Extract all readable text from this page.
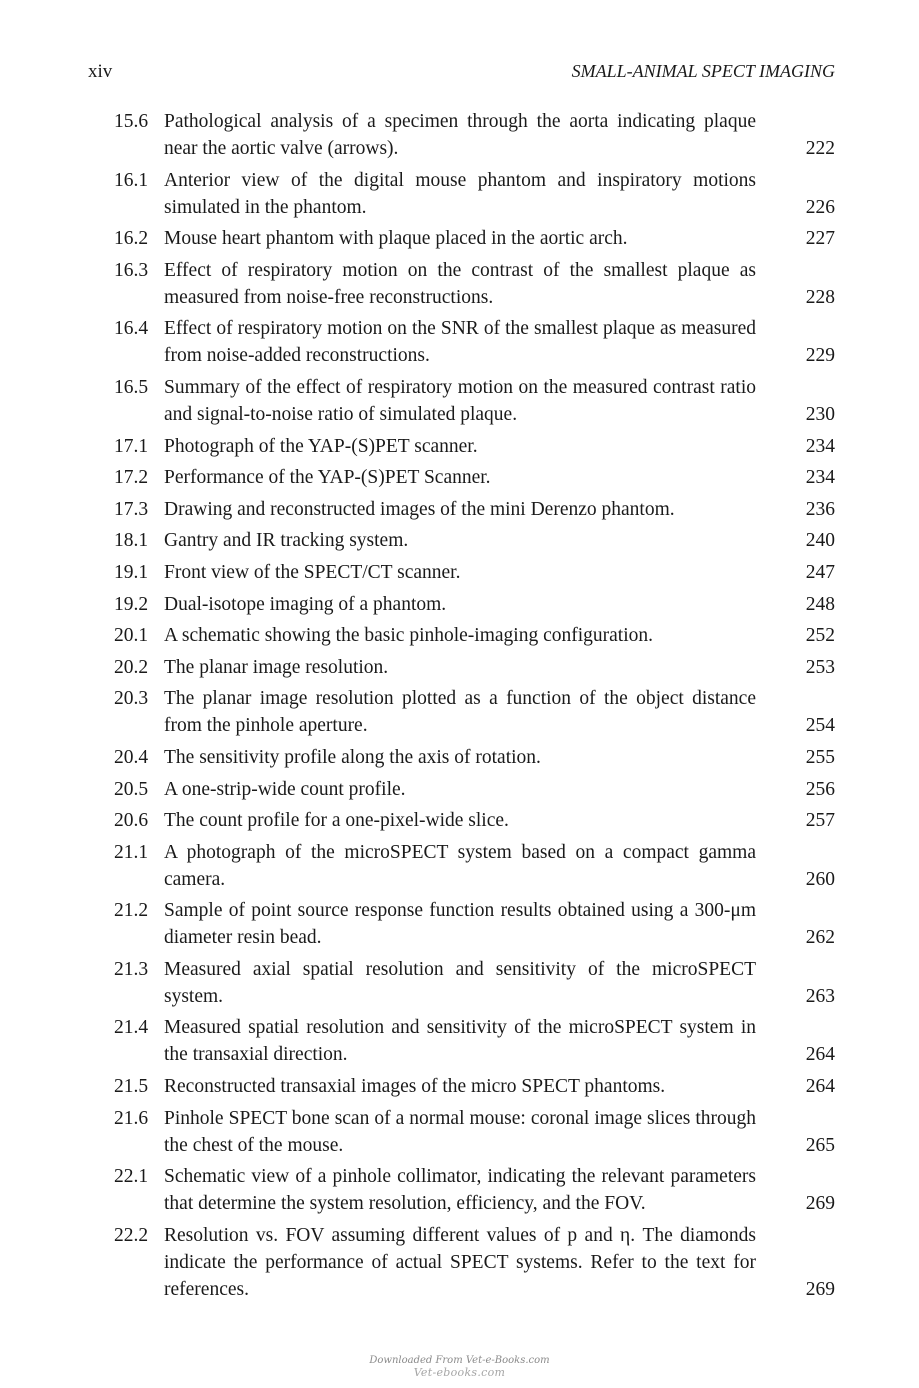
xiv	SMALL-ANIMAL SPECT IMAGING
15.6 Pathological analysis of a specimen through the aorta indicating plaque near the aortic valve (arrows).	222
16.1 Anterior view of the digital mouse phantom and inspiratory motions simulated in the phantom.	226
16.2 Mouse heart phantom with plaque placed in the aortic arch.	227
16.3 Effect of respiratory motion on the contrast of the smallest plaque as measured from noise-free reconstructions.	228
16.4 Effect of respiratory motion on the SNR of the smallest plaque as measured from noise-added reconstructions.	229
16.5 Summary of the effect of respiratory motion on the measured contrast ratio and signal-to-noise ratio of simulated plaque.	230
17.1 Photograph of the YAP-(S)PET scanner.	234
17.2 Performance of the YAP-(S)PET Scanner.	234
17.3 Drawing and reconstructed images of the mini Derenzo phantom.	236
18.1 Gantry and IR tracking system.	240
19.1 Front view of the SPECT/CT scanner.	247
19.2 Dual-isotope imaging of a phantom.	248
20.1 A schematic showing the basic pinhole-imaging configuration.	252
20.2 The planar image resolution.	253
20.3 The planar image resolution plotted as a function of the object distance from the pinhole aperture.	254
20.4 The sensitivity profile along the axis of rotation.	255
20.5 A one-strip-wide count profile.	256
20.6 The count profile for a one-pixel-wide slice.	257
21.1 A photograph of the microSPECT system based on a compact gamma camera.	260
21.2 Sample of point source response function results obtained using a 300-μm diameter resin bead.	262
21.3 Measured axial spatial resolution and sensitivity of the microSPECT system.	263
21.4 Measured spatial resolution and sensitivity of the microSPECT system in the transaxial direction.	264
21.5 Reconstructed transaxial images of the micro SPECT phantoms.	264
21.6 Pinhole SPECT bone scan of a normal mouse: coronal image slices through the chest of the mouse.	265
22.1 Schematic view of a pinhole collimator, indicating the relevant parameters that determine the system resolution, efficiency, and the FOV.	269
22.2 Resolution vs. FOV assuming different values of p and η. The diamonds indicate the performance of actual SPECT systems. Refer to the text for references.	269
Downloaded From Vet-e-Books.com
Vet-ebooks.com
